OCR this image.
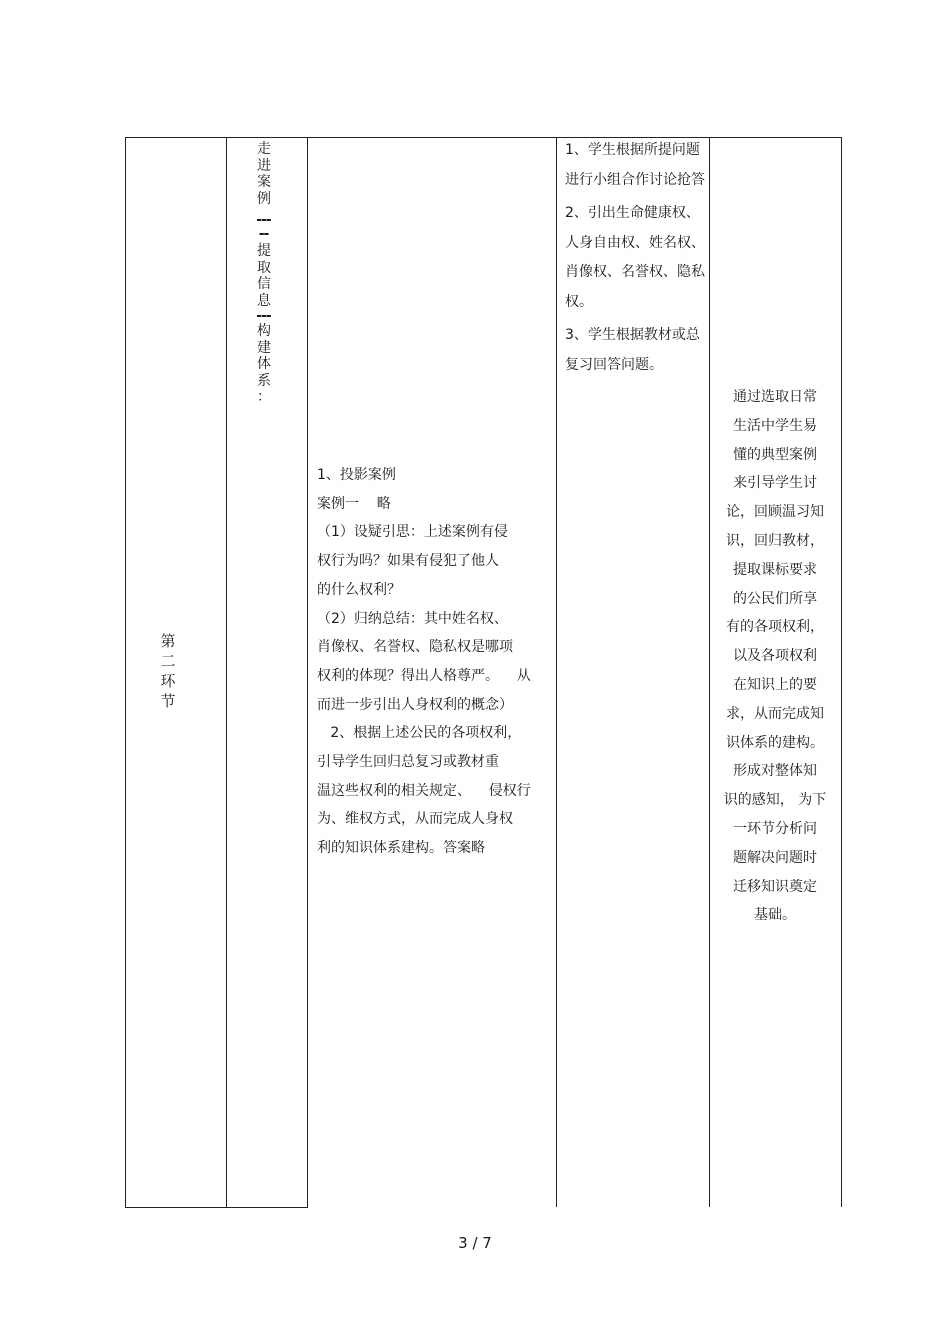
第
二
环
节
走
进
案
例
-----
提
取
信
息
---
构
建
体
系
：

1、投影案例

案例一    略

（1）设疑引思：上述案例有侵

权行为吗？如果有侵犯了他人

的什么权利？

（2）归纳总结：其中姓名权、

肖像权、名誉权、隐私权是哪项

权利的体现？得出人格尊严。    从

而进一步引出人身权利的概念）

2、根据上述公民的各项权利，

引导学生回归总复习或教材重

温这些权利的相关规定、    侵权行

为、维权方式，从而完成人身权

利的知识体系建构。答案略

1、学生根据所提问题进行小组合作讨论抢答

2、引出生命健康权、人身自由权、姓名权、肖像权、名誉权、隐私权。

3、学生根据教材或总复习回答问题。

通过选取日常

生活中学生易

懂的典型案例

来引导学生讨

论，回顾温习知

识，回归教材，

提取课标要求

的公民们所享

有的各项权利，

以及各项权利

在知识上的要

求，从而完成知

识体系的建构。

形成对整体知

识的感知， 为下

一环节分析问

题解决问题时

迁移知识奠定

基础。

3 / 7
